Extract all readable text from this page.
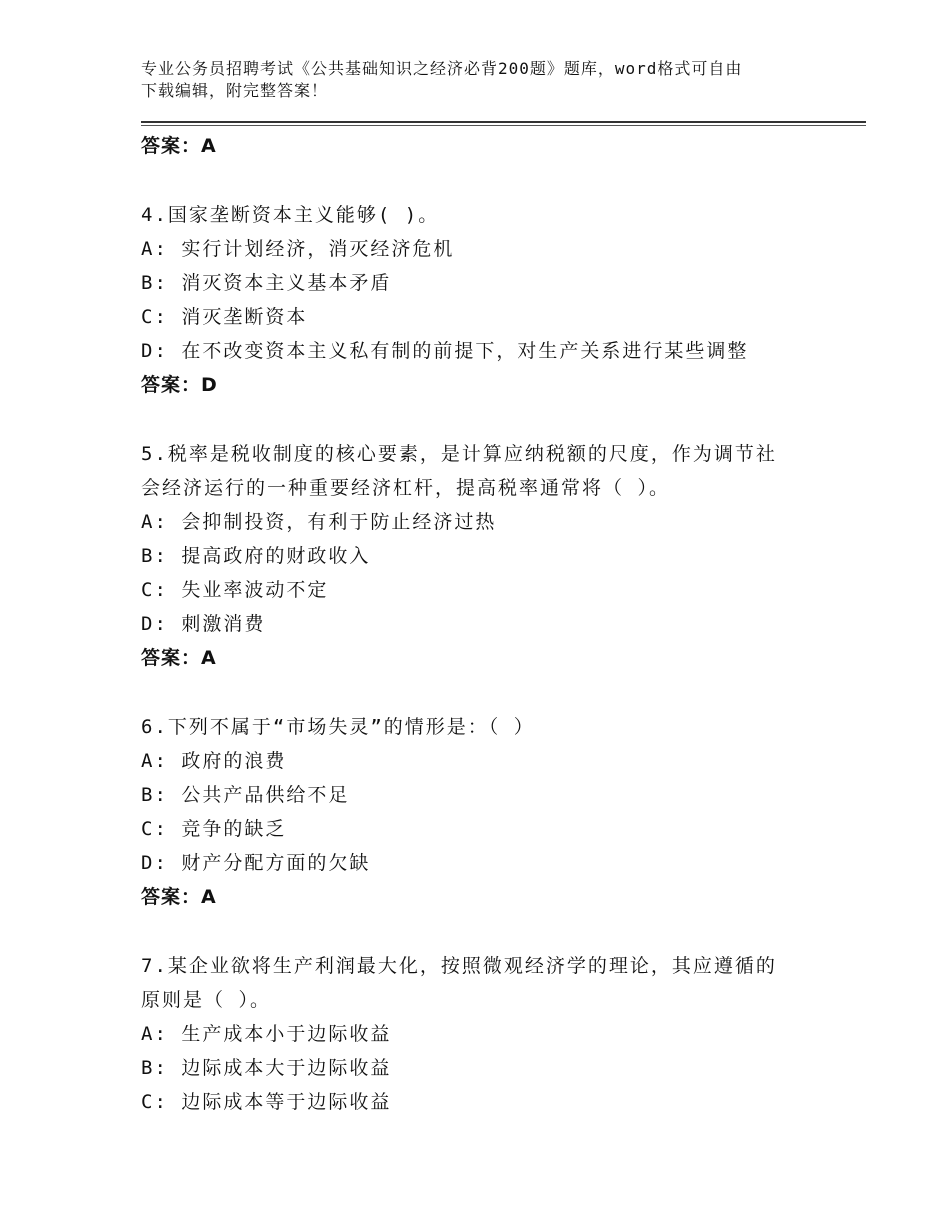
专业公务员招聘考试《公共基础知识之经济必背200题》题库，word格式可自由
下载编辑，附完整答案！
答案：A
4.国家垄断资本主义能够( )。
A: 实行计划经济，消灭经济危机
B: 消灭资本主义基本矛盾
C: 消灭垄断资本
D: 在不改变资本主义私有制的前提下，对生产关系进行某些调整
答案：D
5.税率是税收制度的核心要素，是计算应纳税额的尺度，作为调节社
会经济运行的一种重要经济杠杆，提高税率通常将（ ）。
A: 会抑制投资，有利于防止经济过热
B: 提高政府的财政收入
C: 失业率波动不定
D: 刺激消费
答案：A
6.下列不属于“市场失灵”的情形是：（ ）
A: 政府的浪费
B: 公共产品供给不足
C: 竞争的缺乏
D: 财产分配方面的欠缺
答案：A
7.某企业欲将生产利润最大化，按照微观经济学的理论，其应遵循的
原则是（ ）。
A: 生产成本小于边际收益
B: 边际成本大于边际收益
C: 边际成本等于边际收益
